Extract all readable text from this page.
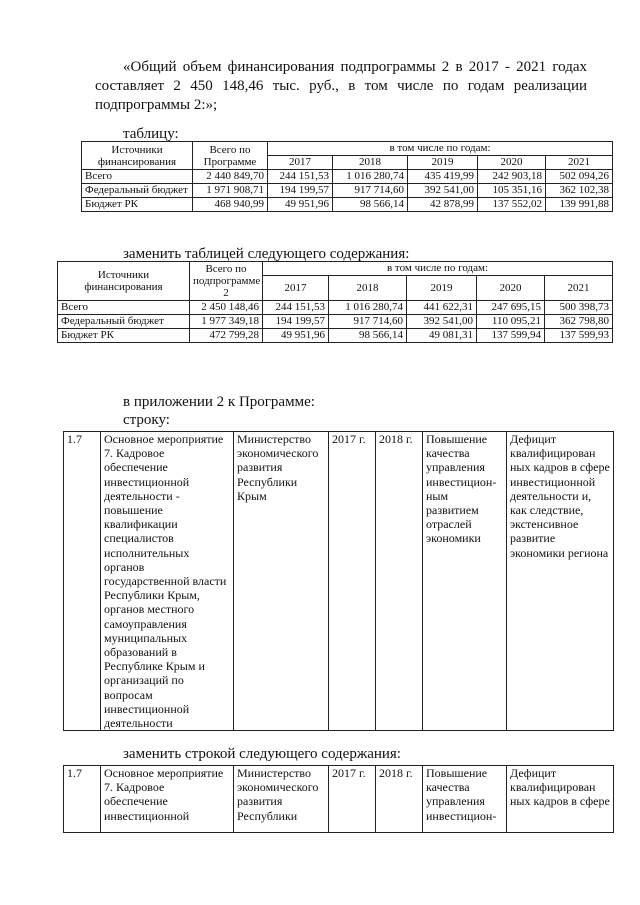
«Общий объем финансирования подпрограммы 2 в 2017 - 2021 годах
составляет 2 450 148,46 тыс. руб., в том числе по годам реализации
подпрограммы 2:»;
таблицу:
Источники финансирования	Всего по Программе	в том числе по годам:				
		2017	2018	2019	2020	2021
Всего	2 440 849,70	244 151,53	1 016 280,74	435 419,99	242 903,18	502 094,26
Федеральный бюджет	1 971 908,71	194 199,57	917 714,60	392 541,00	105 351,16	362 102,38
Бюджет РК	468 940,99	49 951,96	98 566,14	42 878,99	137 552,02	139 991,88
заменить таблицей следующего содержания:
Источники финансирования	Всего по подпрограмме 2	в том числе по годам:				
		2017	2018	2019	2020	2021
Всего	2 450 148,46	244 151,53	1 016 280,74	441 622,31	247 695,15	500 398,73
Федеральный бюджет	1 977 349,18	194 199,57	917 714,60	392 541,00	110 095,21	362 798,80
Бюджет РК	472 799,28	49 951,96	98 566,14	49 081,31	137 599,94	137 599,93
в приложении 2 к Программе:
строку:
1.7	Основное мероприятие 7. Кадровое обеспечение инвестиционной деятельности - повышение квалификации специалистов исполнительных органов государственной власти Республики Крым, органов местного самоуправления муниципальных образований в Республике Крым и организаций по вопросам инвестиционной деятельности	Министерство экономического развития Республики Крым	2017 г.	2018 г.	Повышение качества управления инвестицион-ным развитием отраслей экономики	Дефицит квалифицирован ных кадров в сфере инвестиционной деятельности и, как следствие, экстенсивное развитие экономики региона
заменить строкой следующего содержания:
1.7	Основное мероприятие 7. Кадровое обеспечение инвестиционной	Министерство экономического развития Республики	2017 г.	2018 г.	Повышение качества управления инвестицион-	Дефицит квалифицирован ных кадров в сфере
